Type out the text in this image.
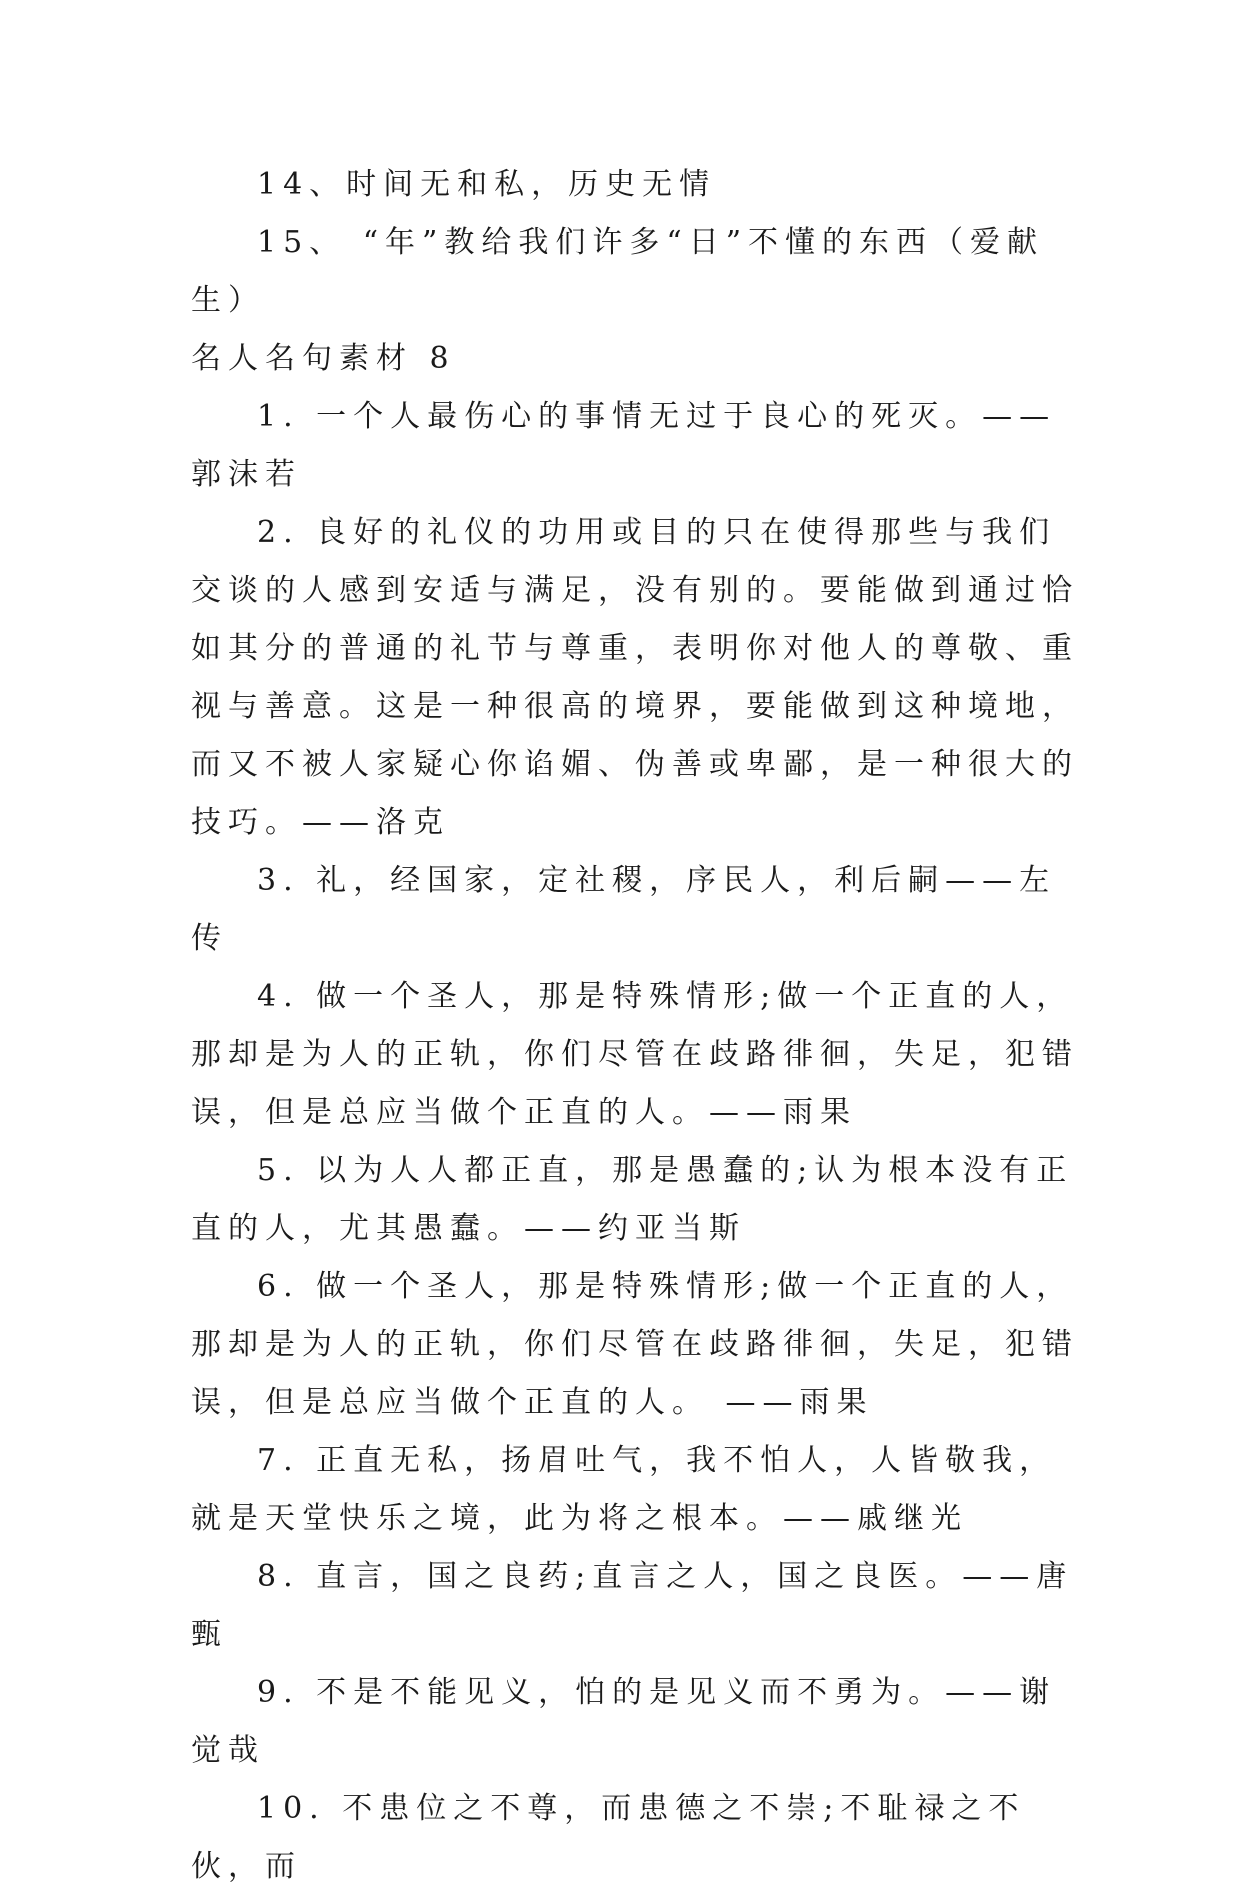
14、时间无和私，历史无情

15、 “年”教给我们许多“日”不懂的东西（爱献生）

名人名句素材 8

1. 一个人最伤心的事情无过于良心的死灭。——郭沫若

2. 良好的礼仪的功用或目的只在使得那些与我们交谈的人感到安适与满足，没有别的。要能做到通过恰如其分的普通的礼节与尊重，表明你对他人的尊敬、重视与善意。这是一种很高的境界，要能做到这种境地，而又不被人家疑心你谄媚、伪善或卑鄙，是一种很大的技巧。——洛克

3. 礼，经国家，定社稷，序民人，利后嗣——左传

4. 做一个圣人，那是特殊情形;做一个正直的人，那却是为人的正轨，你们尽管在歧路徘徊，失足，犯错误，但是总应当做个正直的人。——雨果

5. 以为人人都正直，那是愚蠢的;认为根本没有正直的人，尤其愚蠢。——约亚当斯

6. 做一个圣人，那是特殊情形;做一个正直的人，那却是为人的正轨，你们尽管在歧路徘徊，失足，犯错误，但是总应当做个正直的人。 ——雨果

7. 正直无私，扬眉吐气，我不怕人，人皆敬我，就是天堂快乐之境，此为将之根本。——戚继光

8. 直言，国之良药;直言之人，国之良医。——唐甄

9. 不是不能见义，怕的是见义而不勇为。——谢觉哉

10. 不患位之不尊，而患德之不崇;不耻禄之不伙，而
